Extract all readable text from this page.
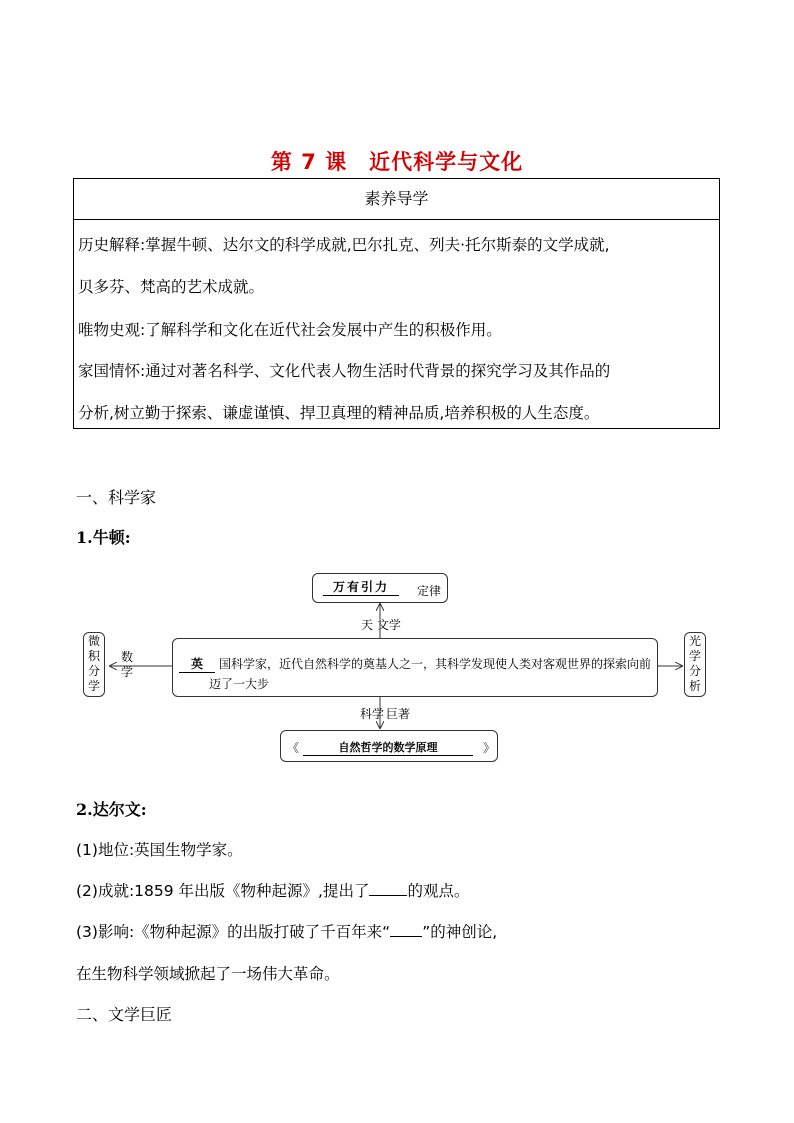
第 7 课　近代科学与文化
素养导学
历史解释:掌握牛顿、达尔文的科学成就,巴尔扎克、列夫·托尔斯泰的文学成就,
贝多芬、梵高的艺术成就。
唯物史观:了解科学和文化在近代社会发展中产生的积极作用。
家国情怀:通过对著名科学、文化代表人物生活时代背景的探究学习及其作品的
分析,树立勤于探索、谦虚谨慎、捍卫真理的精神品质,培养积极的人生态度。
一、科学家
1.牛顿:
万有引力	定律
天 文学
英	国科学家，近代自然科学的奠基人之一，其科学发现使人类对客观世界的探索向前
迈了一大步
微积分学
数学
光学分析
科学 巨著
《	自然哲学的数学原理	》
2.达尔文:
(1)地位:英国生物学家。
(2)成就:1859 年出版《物种起源》,提出了 的观点。
(3)影响:《物种起源》的出版打破了千百年来“ ”的神创论,
在生物科学领域掀起了一场伟大革命。
二、文学巨匠
